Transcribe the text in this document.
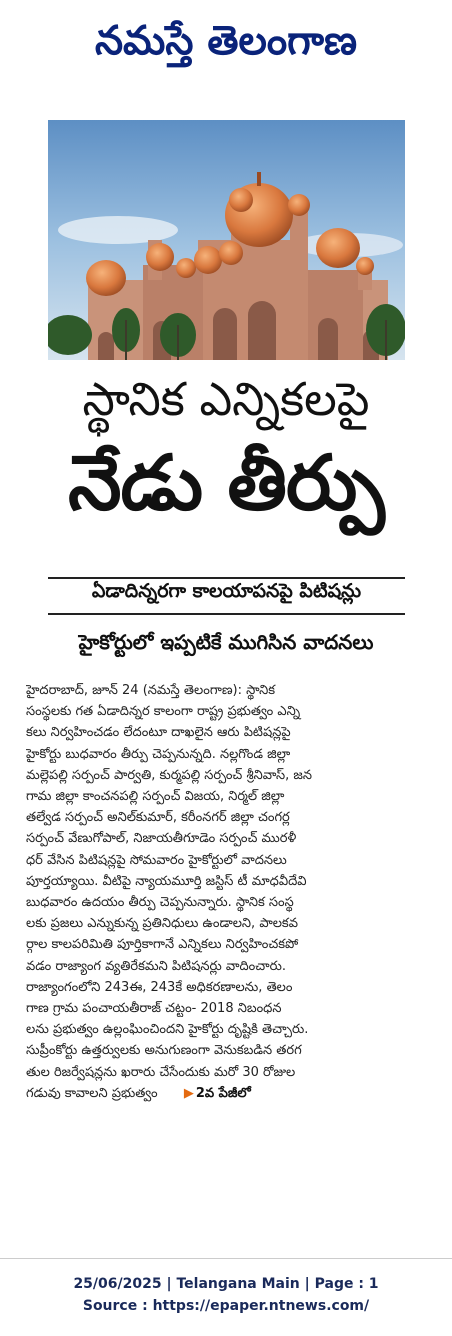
నమస్తే తెలంగాణ
స్థానిక ఎన్నికలపై
నేడు తీర్పు
ఏడాదిన్నరగా కాలయాపనపై పిటిషన్లు
హైకోర్టులో ఇప్పటికే ముగిసిన వాదనలు

హైదరాబాద్, జూన్ 24 (నమస్తే తెలంగాణ): స్థానిక

సంస్థలకు గత ఏడాదిన్నర కాలంగా రాష్ట్ర ప్రభుత్వం ఎన్ని

కలు నిర్వహించడం లేదంటూ దాఖలైన ఆరు పిటిషన్లపై

హైకోర్టు బుధవారం తీర్పు చెప్పనున్నది. నల్లగొండ జిల్లా

మల్లెపల్లి సర్పంచ్ పార్వతి, కుర్మపల్లి సర్పంచ్ శ్రీనివాస్, జన

గామ జిల్లా కాంచనపల్లి సర్పంచ్ విజయ, నిర్మల్ జిల్లా

తల్వేడ సర్పంచ్ అనిల్‌కుమార్, కరీంనగర్ జిల్లా చంగర్ల

సర్పంచ్ వేణుగోపాల్, నిజాయతీగూడెం సర్పంచ్ మురళీ

ధర్ వేసిన పిటిషన్లపై సోమవారం హైకోర్టులో వాదనలు

పూర్తయ్యాయి. వీటిపై న్యాయమూర్తి జస్టిస్ టీ మాధవీదేవి

బుధవారం ఉదయం తీర్పు చెప్పనున్నారు. స్థానిక సంస్థ

లకు ప్రజలు ఎన్నుకున్న ప్రతినిధులు ఉండాలని, పాలకవ

ర్గాల కాలపరిమితి పూర్తికాగానే ఎన్నికలు నిర్వహించకపో

వడం రాజ్యాంగ వ్యతిరేకమని పిటిషనర్లు వాదించారు.

రాజ్యాంగంలోని 243ఈ, 243కే అధికరణాలను, తెలం

గాణ గ్రామ పంచాయతీరాజ్ చట్టం- 2018 నిబంధన

లను ప్రభుత్వం ఉల్లంఘించిందని హైకోర్టు దృష్టికి తెచ్చారు.

సుప్రీంకోర్టు ఉత్తర్వులకు అనుగుణంగా వెనుకబడిన తరగ

తుల రిజర్వేషన్లను ఖరారు చేసేందుకు మరో 30 రోజుల

గడువు కావాలని ప్రభుత్వం ▶ 2వ పేజీలో

25/06/2025 | Telangana Main | Page : 1
Source : https://epaper.ntnews.com/
